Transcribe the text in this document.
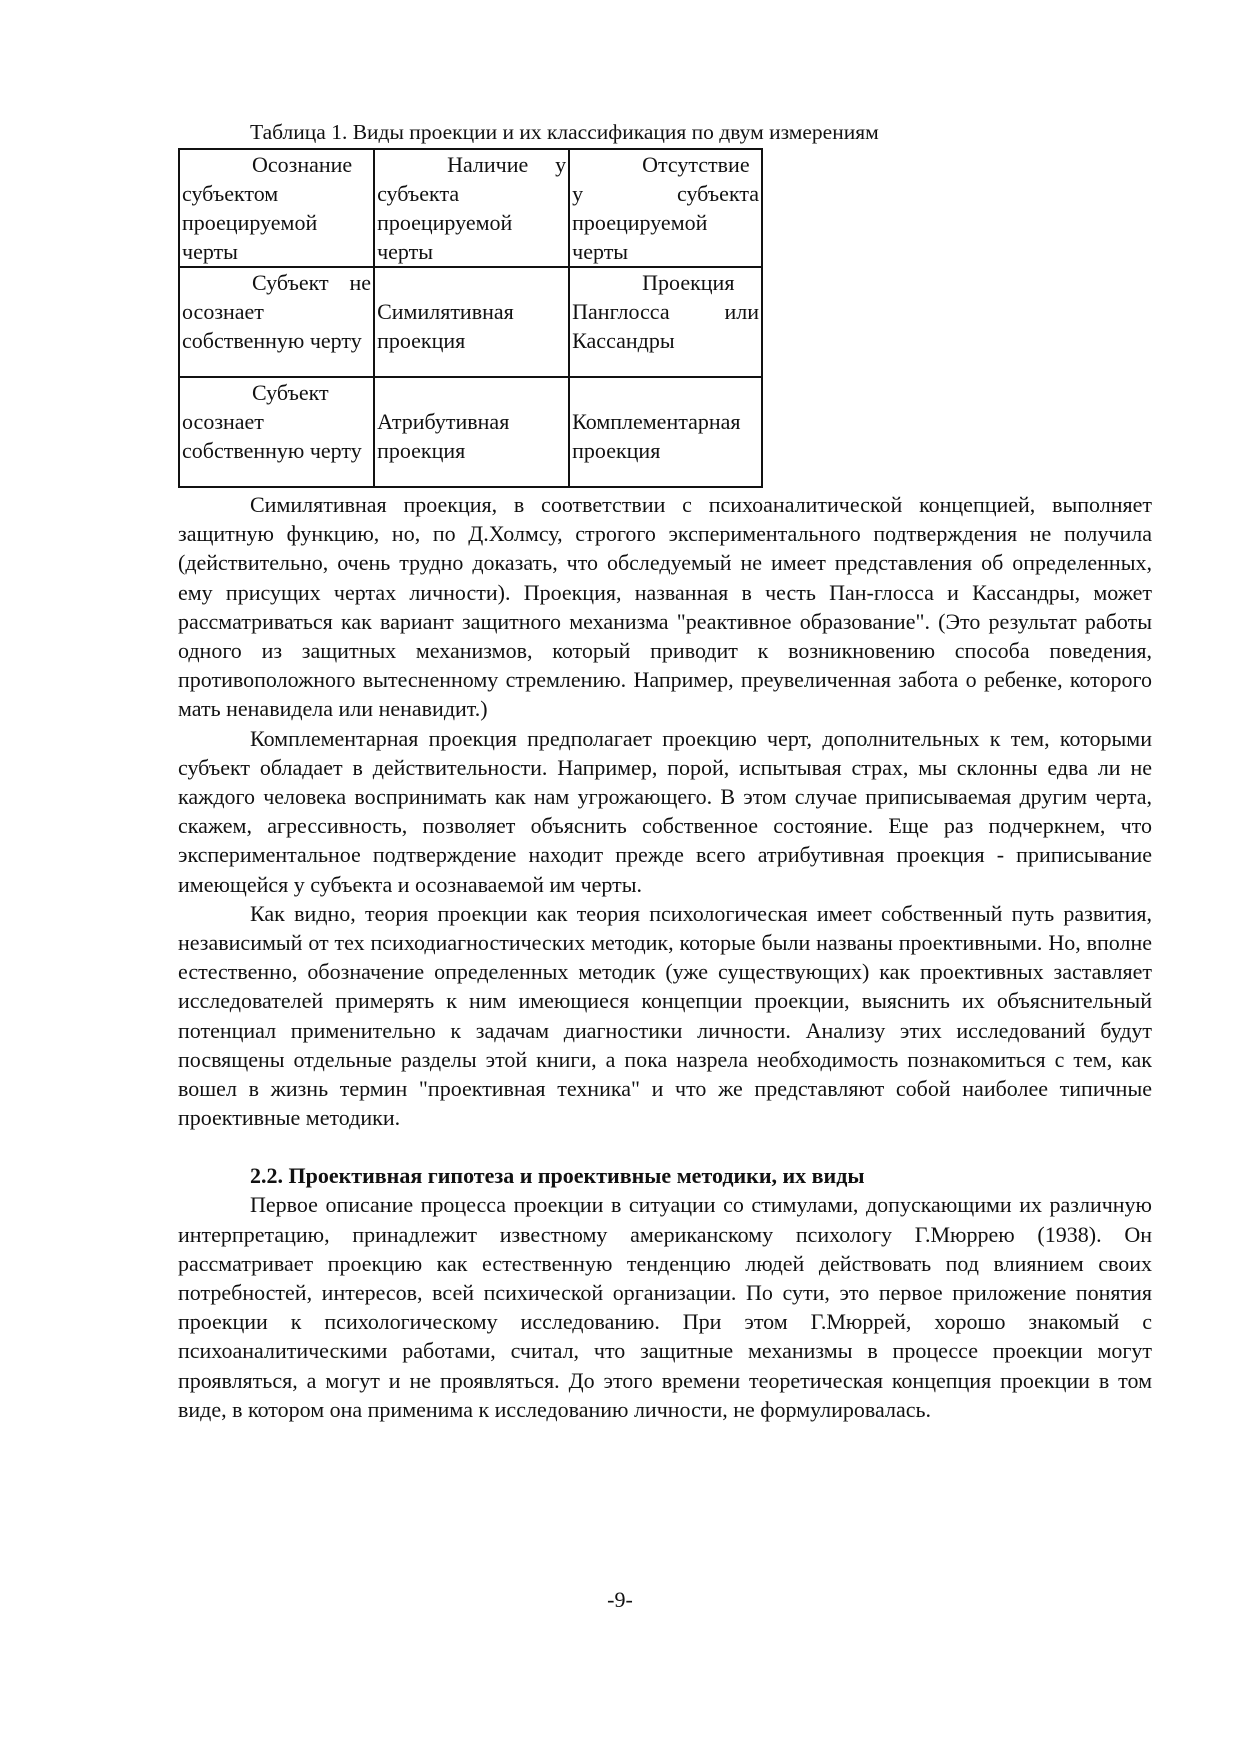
Таблица 1. Виды проекции и их классификация по двум измерениям

Осознание субъектом проецируемой черты	Наличие у субъекта проецируемой черты	Отсутствие у субъекта проецируемой черты
Субъект не осознает собственную черту	Симилятивная проекция	Проекция Панглосса или Кассандры
Субъект осознает собственную черту	Атрибутивная проекция	Комплементарная проекция

Симилятивная проекция, в соответствии с психоаналитической концепцией, выполняет защитную функцию, но, по Д.Холмсу, строгого экспериментального подтверждения не получила (действительно, очень трудно доказать, что обследуемый не имеет представления об определенных, ему присущих чертах личности). Проекция, названная в честь Пан-глосса и Кассандры, может рассматриваться как вариант защитного механизма "реактивное образование". (Это результат работы одного из защитных механизмов, который приводит к возникновению способа поведения, противоположного вытесненному стремлению. Например, преувеличенная забота о ребенке, которого мать ненавидела или ненавидит.)

Комплементарная проекция предполагает проекцию черт, дополнительных к тем, которыми субъект обладает в действительности. Например, порой, испытывая страх, мы склонны едва ли не каждого человека воспринимать как нам угрожающего. В этом случае приписываемая другим черта, скажем, агрессивность, позволяет объяснить собственное состояние. Еще раз подчеркнем, что экспериментальное подтверждение находит прежде всего атрибутивная проекция - приписывание имеющейся у субъекта и осознаваемой им черты.

Как видно, теория проекции как теория психологическая имеет собственный путь развития, независимый от тех психодиагностических методик, которые были названы проективными. Но, вполне естественно, обозначение определенных методик (уже существующих) как проективных заставляет исследователей примерять к ним имеющиеся концепции проекции, выяснить их объяснительный потенциал применительно к задачам диагностики личности. Анализу этих исследований будут посвящены отдельные разделы этой книги, а пока назрела необходимость познакомиться с тем, как вошел в жизнь термин "проективная техника" и что же представляют собой наиболее типичные проективные методики.

2.2. Проективная гипотеза и проективные методики, их виды

Первое описание процесса проекции в ситуации со стимулами, допускающими их различную интерпретацию, принадлежит известному американскому психологу Г.Мюррею (1938). Он рассматривает проекцию как естественную тенденцию людей действовать под влиянием своих потребностей, интересов, всей психической организации. По сути, это первое приложение понятия проекции к психологическому исследованию. При этом Г.Мюррей, хорошо знакомый с психоаналитическими работами, считал, что защитные механизмы в процессе проекции могут проявляться, а могут и не проявляться. До этого времени теоретическая концепция проекции в том виде, в котором она применима к исследованию личности, не формулировалась.

-9-
